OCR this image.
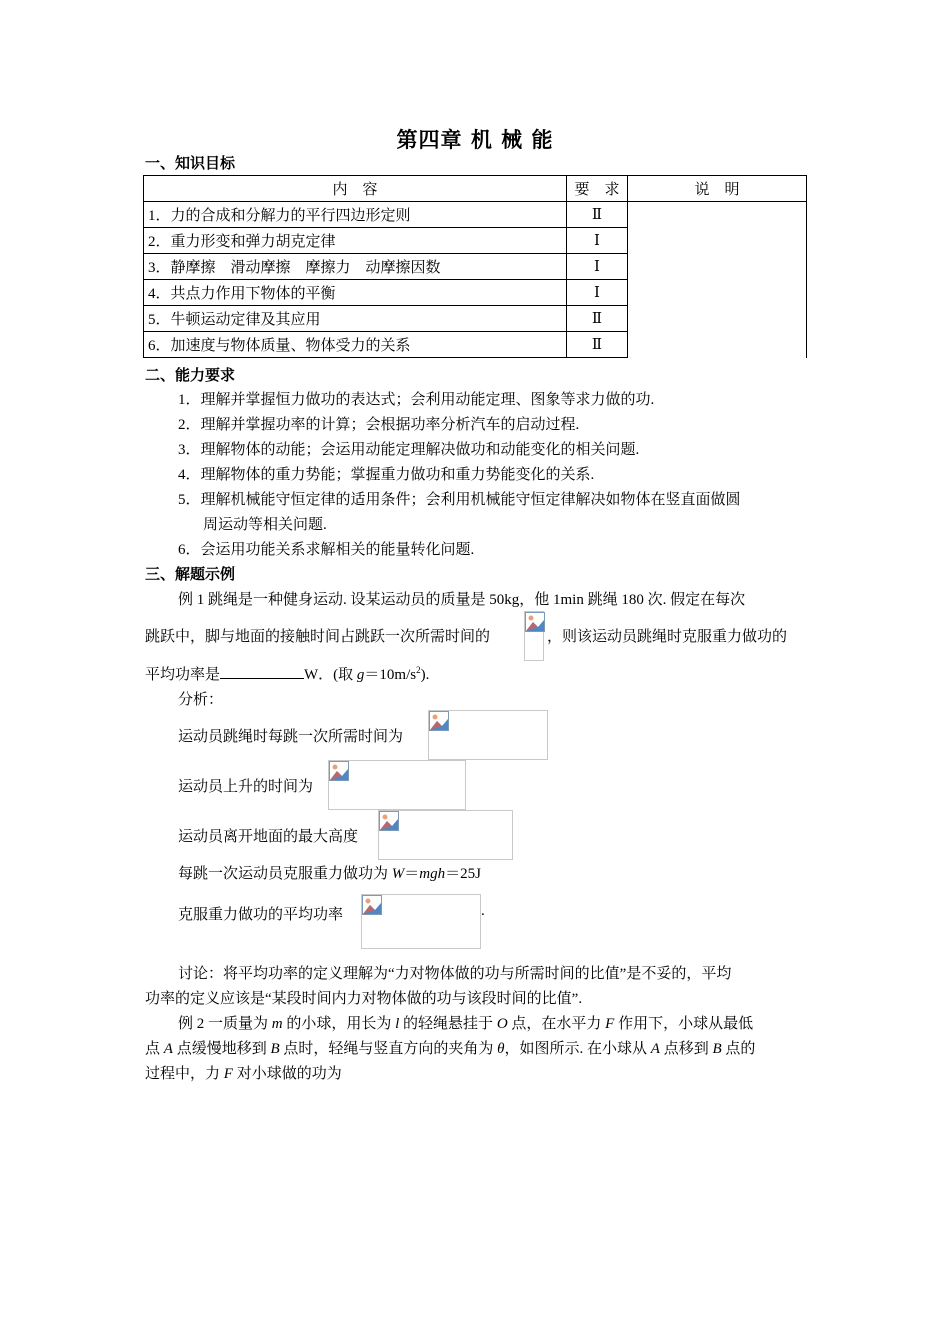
第四章 机 械 能
一、知识目标
内　容	要　求	说　明
1．力的合成和分解力的平行四边形定则	Ⅱ	
2．重力形变和弹力胡克定律	Ⅰ	
3．静摩擦　滑动摩擦　摩擦力　动摩擦因数	Ⅰ	
4．共点力作用下物体的平衡	Ⅰ	
5．牛顿运动定律及其应用	Ⅱ	
6．加速度与物体质量、物体受力的关系	Ⅱ	
二、能力要求
1．理解并掌握恒力做功的表达式；会利用动能定理、图象等求力做的功.
2．理解并掌握功率的计算；会根据功率分析汽车的启动过程.
3．理解物体的动能；会运用动能定理解决做功和动能变化的相关问题.
4．理解物体的重力势能；掌握重力做功和重力势能变化的关系.
5．理解机械能守恒定律的适用条件；会利用机械能守恒定律解决如物体在竖直面做圆
周运动等相关问题.
6．会运用功能关系求解相关的能量转化问题.
三、解题示例
例 1 跳绳是一种健身运动. 设某运动员的质量是 50kg，他 1min 跳绳 180 次. 假定在每次
跳跃中，脚与地面的接触时间占跳跃一次所需时间的	，则该运动员跳绳时克服重力做功的
平均功率是	W．(取 $g=10m/s^2$).
分析：
运动员跳绳时每跳一次所需时间为
运动员上升的时间为
运动员离开地面的最大高度
每跳一次运动员克服重力做功为 W＝mgh＝25J
克服重力做功的平均功率	.
讨论：将平均功率的定义理解为“力对物体做的功与所需时间的比值”是不妥的，平均
功率的定义应该是“某段时间内力对物体做的功与该段时间的比值”.
例 2 一质量为 m 的小球，用长为 l 的轻绳悬挂于 O 点，在水平力 F 作用下，小球从最低
点 A 点缓慢地移到 B 点时，轻绳与竖直方向的夹角为 θ，如图所示. 在小球从 A 点移到 B 点的
过程中，力 F 对小球做的功为
